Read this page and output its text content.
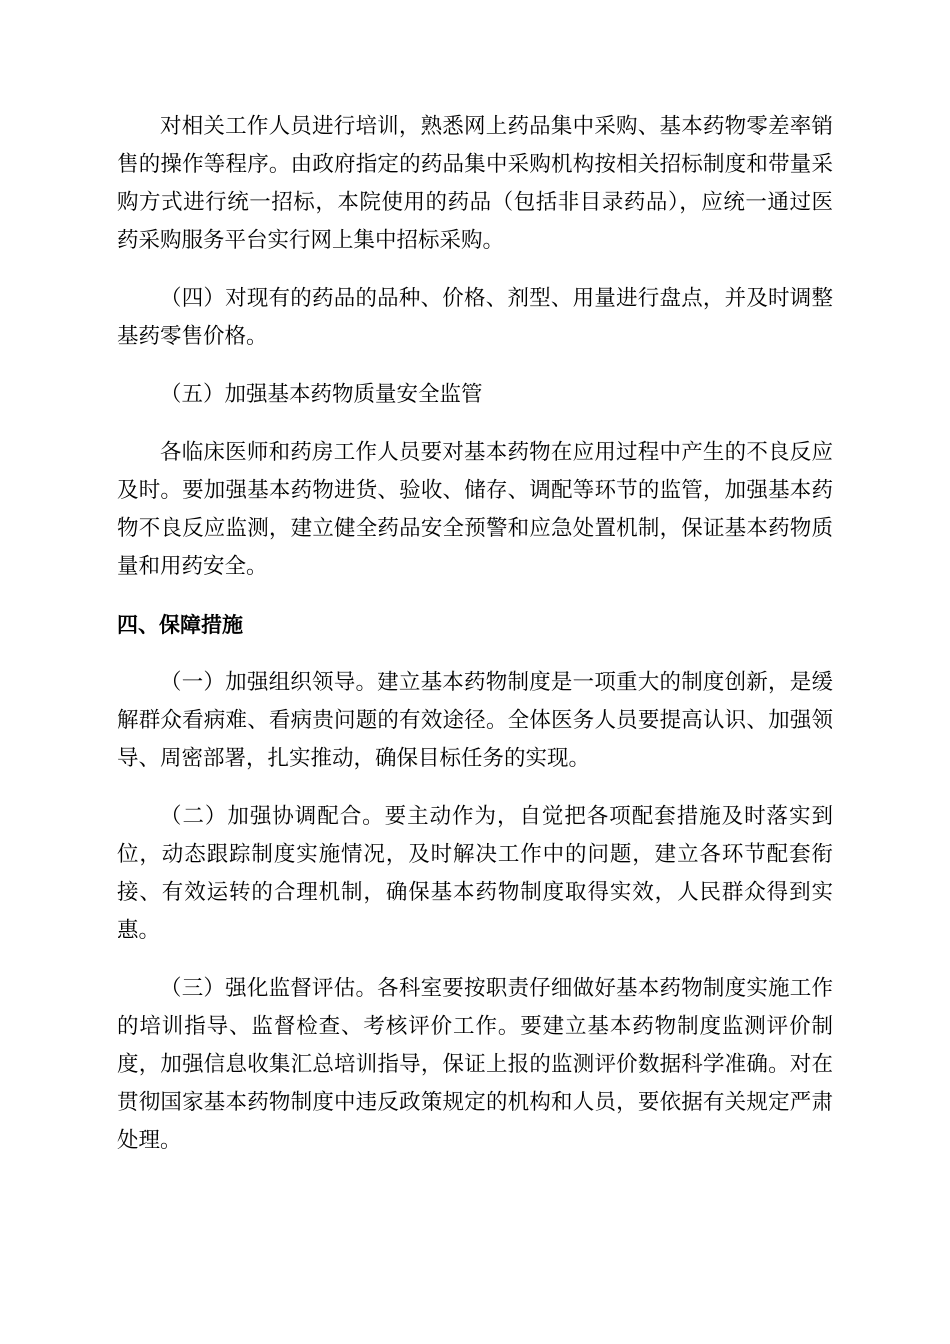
对相关工作人员进行培训，熟悉网上药品集中采购、基本药物零差率销售的操作等程序。由政府指定的药品集中采购机构按相关招标制度和带量采购方式进行统一招标，本院使用的药品（包括非目录药品），应统一通过医药采购服务平台实行网上集中招标采购。

（四）对现有的药品的品种、价格、剂型、用量进行盘点，并及时调整基药零售价格。

（五）加强基本药物质量安全监管

各临床医师和药房工作人员要对基本药物在应用过程中产生的不良反应及时。要加强基本药物进货、验收、储存、调配等环节的监管，加强基本药物不良反应监测，建立健全药品安全预警和应急处置机制，保证基本药物质量和用药安全。

四、保障措施

（一）加强组织领导。建立基本药物制度是一项重大的制度创新，是缓解群众看病难、看病贵问题的有效途径。全体医务人员要提高认识、加强领导、周密部署，扎实推动，确保目标任务的实现。

（二）加强协调配合。要主动作为，自觉把各项配套措施及时落实到位，动态跟踪制度实施情况，及时解决工作中的问题，建立各环节配套衔接、有效运转的合理机制，确保基本药物制度取得实效，人民群众得到实惠。

（三）强化监督评估。各科室要按职责仔细做好基本药物制度实施工作的培训指导、监督检查、考核评价工作。要建立基本药物制度监测评价制度，加强信息收集汇总培训指导，保证上报的监测评价数据科学准确。对在贯彻国家基本药物制度中违反政策规定的机构和人员，要依据有关规定严肃处理。
